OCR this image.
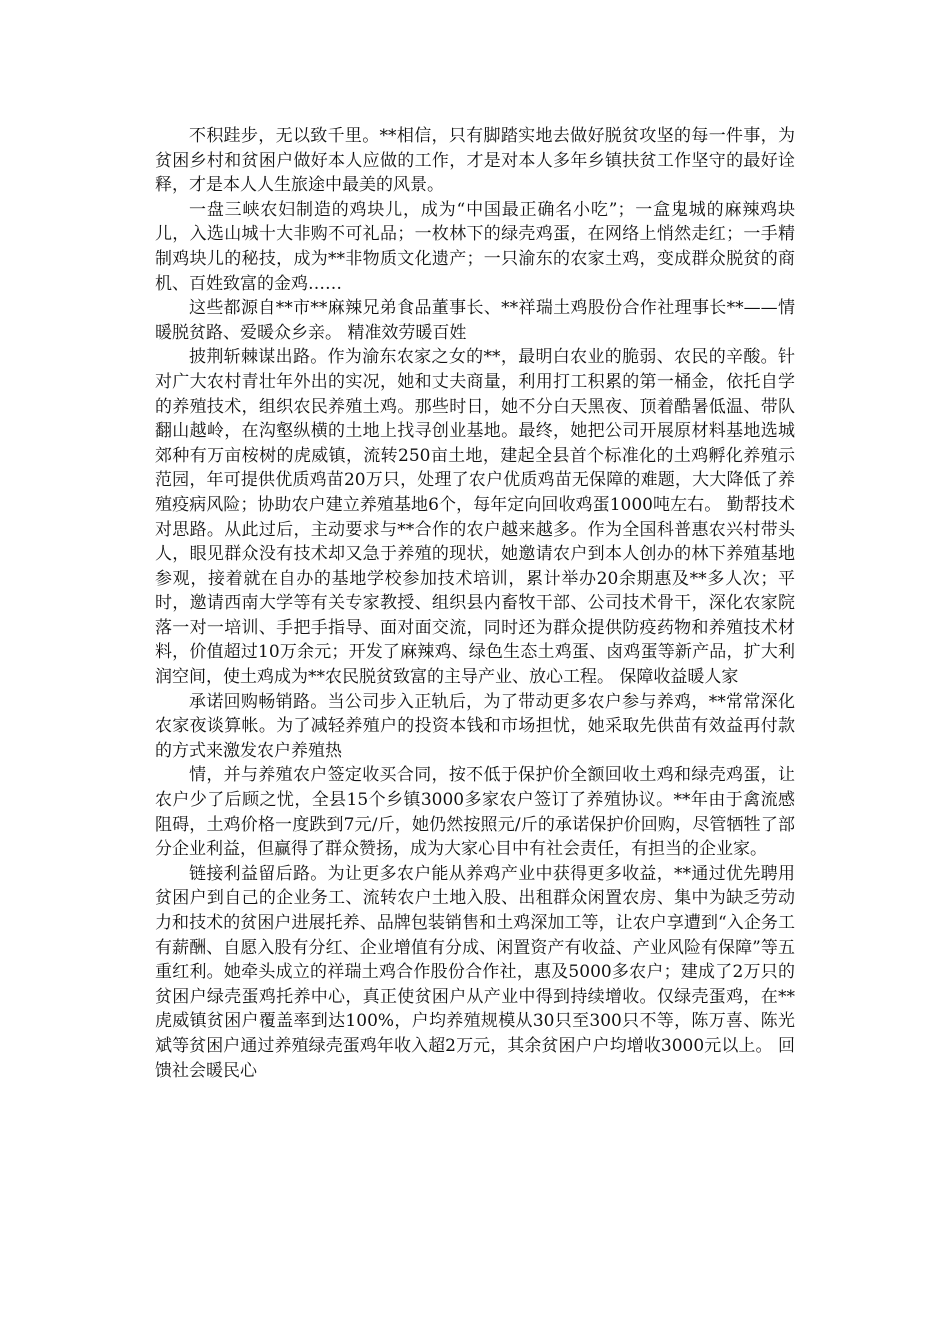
不积跬步，无以致千里。**相信，只有脚踏实地去做好脱贫攻坚的每一件事，为贫困乡村和贫困户做好本人应做的工作，才是对本人多年乡镇扶贫工作坚守的最好诠释，才是本人人生旅途中最美的风景。

一盘三峡农妇制造的鸡块儿，成为“中国最正确名小吃”；一盒鬼城的麻辣鸡块儿，入选山城十大非购不可礼品；一枚林下的绿壳鸡蛋，在网络上悄然走红；一手精制鸡块儿的秘技，成为**非物质文化遗产；一只渝东的农家土鸡，变成群众脱贫的商机、百姓致富的金鸡……

这些都源自**市**麻辣兄弟食品董事长、**祥瑞土鸡股份合作社理事长**——情暖脱贫路、爱暖众乡亲。 精准效劳暖百姓

披荆斩棘谋出路。作为渝东农家之女的**，最明白农业的脆弱、农民的辛酸。针对广大农村青壮年外出的实况，她和丈夫商量，利用打工积累的第一桶金，依托自学的养殖技术，组织农民养殖土鸡。那些时日，她不分白天黑夜、顶着酷暑低温、带队翻山越岭，在沟壑纵横的土地上找寻创业基地。最终，她把公司开展原材料基地选城郊种有万亩桉树的虎威镇，流转250亩土地，建起全县首个标准化的土鸡孵化养殖示范园，年可提供优质鸡苗20万只，处理了农户优质鸡苗无保障的难题，大大降低了养殖疫病风险；协助农户建立养殖基地6个，每年定向回收鸡蛋1000吨左右。 勤帮技术对思路。从此过后，主动要求与**合作的农户越来越多。作为全国科普惠农兴村带头人，眼见群众没有技术却又急于养殖的现状，她邀请农户到本人创办的林下养殖基地参观，接着就在自办的基地学校参加技术培训，累计举办20余期惠及**多人次；平时，邀请西南大学等有关专家教授、组织县内畜牧干部、公司技术骨干，深化农家院落一对一培训、手把手指导、面对面交流，同时还为群众提供防疫药物和养殖技术材料，价值超过10万余元；开发了麻辣鸡、绿色生态土鸡蛋、卤鸡蛋等新产品，扩大利润空间，使土鸡成为**农民脱贫致富的主导产业、放心工程。 保障收益暖人家

承诺回购畅销路。当公司步入正轨后，为了带动更多农户参与养鸡，**常常深化农家夜谈算帐。为了减轻养殖户的投资本钱和市场担忧，她采取先供苗有效益再付款的方式来激发农户养殖热

情，并与养殖农户签定收买合同，按不低于保护价全额回收土鸡和绿壳鸡蛋，让农户少了后顾之忧，全县15个乡镇3000多家农户签订了养殖协议。**年由于禽流感阻碍，土鸡价格一度跌到7元/斤，她仍然按照元/斤的承诺保护价回购，尽管牺牲了部分企业利益，但赢得了群众赞扬，成为大家心目中有社会责任，有担当的企业家。

链接利益留后路。为让更多农户能从养鸡产业中获得更多收益，**通过优先聘用贫困户到自己的企业务工、流转农户土地入股、出租群众闲置农房、集中为缺乏劳动力和技术的贫困户进展托养、品牌包装销售和土鸡深加工等，让农户享遭到“入企务工有薪酬、自愿入股有分红、企业增值有分成、闲置资产有收益、产业风险有保障”等五重红利。她牵头成立的祥瑞土鸡合作股份合作社，惠及5000多农户；建成了2万只的贫困户绿壳蛋鸡托养中心，真正使贫困户从产业中得到持续增收。仅绿壳蛋鸡，在**虎威镇贫困户覆盖率到达100%，户均养殖规模从30只至300只不等，陈万喜、陈光斌等贫困户通过养殖绿壳蛋鸡年收入超2万元，其余贫困户户均增收3000元以上。 回馈社会暖民心
